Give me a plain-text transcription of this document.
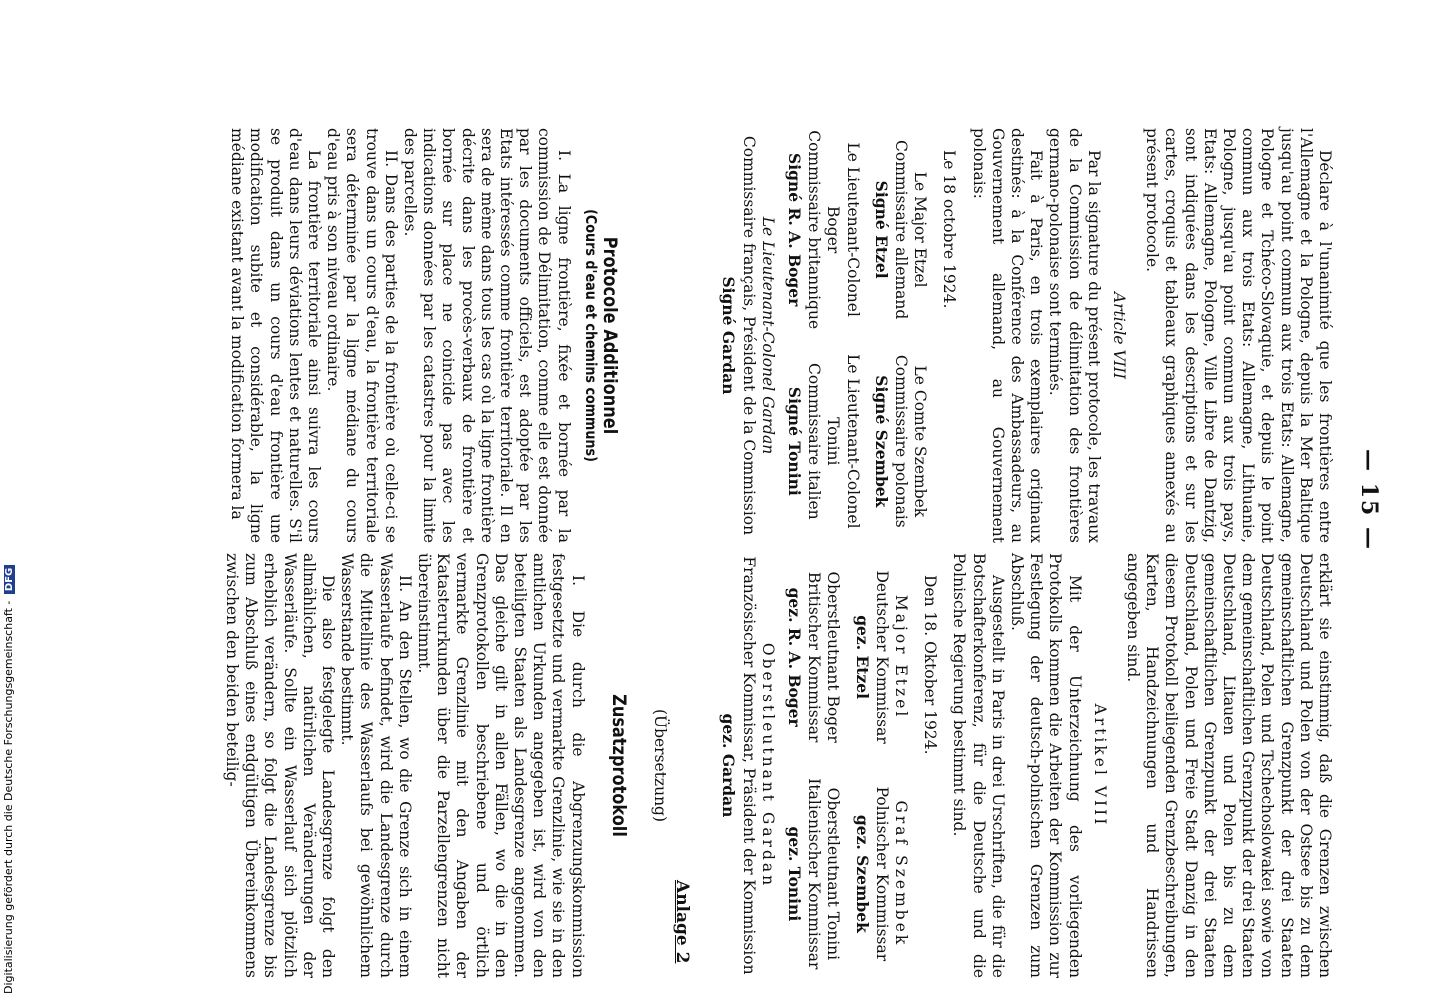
— 15 —

Déclare à l'unanimité que les frontières entre l'Allemagne et la Pologne, depuis la Mer Baltique jusqu'au point commun aux trois Etats: Allemagne, Pologne et Tchéco-Slovaquie, et depuis le point commun aux trois Etats: Allemagne, Lithuanie, Pologne, jusqu'au point commun aux trois pays, Etats: Allemagne, Pologne, Ville Libre de Dantzig, sont indiquées dans les descriptions et sur les cartes, croquis et tableaux graphiques annexés au présent protocole.

Article VIII

Par la signature du présent protocole, les travaux de la Commission de délimitation des frontières germano-polonaise sont terminés.

Fait à Paris, en trois exemplaires originaux destinés: à la Conférence des Ambassadeurs, au Gouvernement allemand, au Gouvernement polonais:

Le 18 octobre 1924.

Le Major Etzel
Commissaire allemand
Signé Etzel
Le Comte Szembek
Commissaire polonais
Signé Szembek
Le Lieutenant-Colonel Boger
Commissaire britannique
Signé R. A. Boger
Le Lieutenant-Colonel Tonini
Commissaire italien
Signé Tonini
Le Lieutenant-Colonel Gardan
Commissaire français, Président de la Commission
Signé Gardan

Protocole Additionnel

(Cours d'eau et chemins communs)

I. La ligne frontière, fixée et bornée par la commission de Délimitation, comme elle est donnée par les documents officiels, est adoptée par les Etats intéressés comme frontière territoriale. Il en sera de même dans tous les cas où la ligne frontière décrite dans les procès-verbaux de frontière et bornée sur place ne coincide pas avec les indications données par les catastres pour la limite des parcelles.

II. Dans des parties de la frontière où celle-ci se trouve dans un cours d'eau, la frontière territoriale sera déterminée par la ligne médiane du cours d'eau pris à son niveau ordinaire.

La frontière territoriale ainsi suivra les cours d'eau dans leurs déviations lentes et naturelles. S'il se produit dans un cours d'eau frontière une modification subite et considérable, la ligne médiane existant avant la modification formera la

erklärt sie einstimmig, daß die Grenzen zwischen Deutschland und Polen von der Ostsee bis zu dem gemeinschaftlichen Grenzpunkt der drei Staaten Deutschland, Polen und Tschechoslowakei sowie von dem gemeinschaftlichen Grenzpunkt der drei Staaten Deutschland, Litauen und Polen bis zu dem gemeinschaftlichen Grenzpunkt der drei Staaten Deutschland, Polen und Freie Stadt Danzig in den diesem Protokoll beiliegenden Grenzbeschreibungen, Karten, Handzeichnungen und Handrissen angegeben sind.

Artikel VIII

Mit der Unterzeichnung des vorliegenden Protokolls kommen die Arbeiten der Kommission zur Festlegung der deutsch-polnischen Grenzen zum Abschluß.

Ausgestellt in Paris in drei Urschriften, die für die Botschafterkonferenz, für die Deutsche und die Polnische Regierung bestimmt sind.

Den 18. Oktober 1924.

Major Etzel
Deutscher Kommissar
gez. Etzel
Graf Szembek
Polnischer Kommissar
gez. Szembek
Oberstleutnant Boger
Britischer Kommissar
gez. R. A. Boger
Oberstleutnant Tonini
Italienischer Kommissar
gez. Tonini
Oberstleutnant Gardan
Französischer Kommissar, Präsident der Kommission
gez. Gardan

(Übersetzung)

Zusatzprotokoll

I. Die durch die Abgrenzungskommission festgesetzte und vermarkte Grenzlinie, wie sie in den amtlichen Urkunden angegeben ist, wird von den beteiligten Staaten als Landesgrenze angenommen. Das gleiche gilt in allen Fällen, wo die in den Grenzprotokollen beschriebene und örtlich vermarkte Grenzlinie mit den Angaben der Katasterurkunden über die Parzellengrenzen nicht übereinstimmt.

II. An den Stellen, wo die Grenze sich in einem Wasserlaufe befindet, wird die Landesgrenze durch die Mittellinie des Wasserlaufs bei gewöhnlichem Wasserstande bestimmt.

Die also festgelegte Landesgrenze folgt den allmählichen, natürlichen Veränderungen der Wasserläufe. Sollte ein Wasserlauf sich plötzlich erheblich verändern, so folgt die Landesgrenze bis zum Abschluß eines endgültigen Übereinkommens zwischen den beiden beteilig-

Anlage 2
Digitalisierung gefördert durch die Deutsche Forschungsgemeinschaft - DFG
